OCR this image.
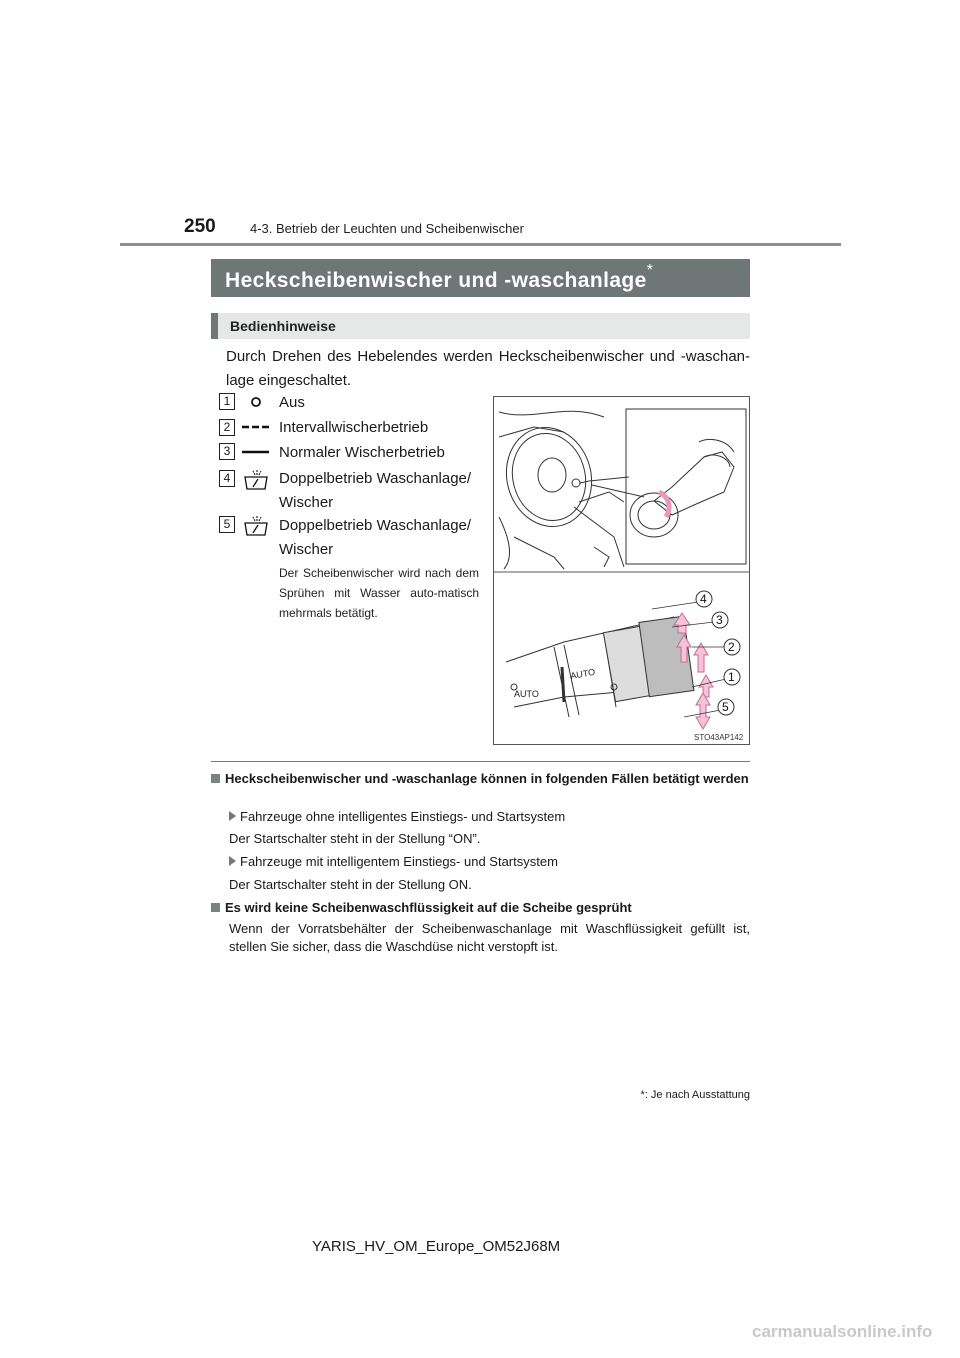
250	4-3. Betrieb der Leuchten und Scheibenwischer
Heckscheibenwischer und -waschanlage*
Bedienhinweise
Durch Drehen des Hebelendes werden Heckscheibenwischer und -waschan-lage eingeschaltet.
1	Aus
2	Intervallwischerbetrieb
3	Normaler Wischerbetrieb
4	Doppelbetrieb Waschanlage/ Wischer
5	Doppelbetrieb Waschanlage/ Wischer
Der Scheibenwischer wird nach dem Sprühen mit Wasser auto-matisch mehrmals betätigt.
AUTO
AUTO
4
3
2
1
5
STO43AP142
Heckscheibenwischer und -waschanlage können in folgenden Fällen betätigt werden
Fahrzeuge ohne intelligentes Einstiegs- und Startsystem
Der Startschalter steht in der Stellung “ON”.
Fahrzeuge mit intelligentem Einstiegs- und Startsystem
Der Startschalter steht in der Stellung ON.
Es wird keine Scheibenwaschflüssigkeit auf die Scheibe gesprüht
Wenn der Vorratsbehälter der Scheibenwaschanlage mit Waschflüssigkeit gefüllt ist, stellen Sie sicher, dass die Waschdüse nicht verstopft ist.
*: Je nach Ausstattung
YARIS_HV_OM_Europe_OM52J68M
carmanualsonline.info
